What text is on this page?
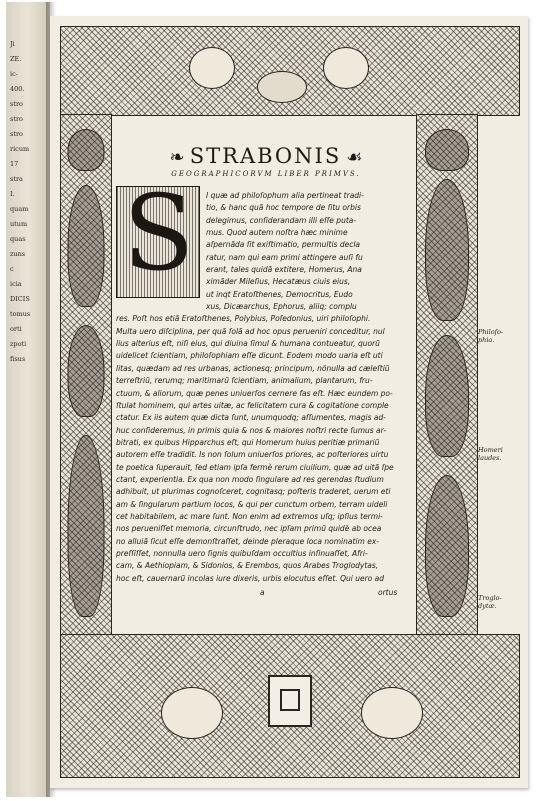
Ji
ZE.
ic-
400.
stro
stro
stro
ricum
17
stra
I.
quam
utum
quas
zuns
c
icia
DICIS
tomus
orti
zpoti
fisus
❧ STRABONIS ☙
GEOGRAPHICORVM LIBER PRIMVS.
I quæ ad philoſophum alia pertineat tradi-
tio, & hanc quã hoc tempore de ſitu orbis
delegimus, conſiderandam illi eſſe puta-
mus. Quod autem noſtra hæc minime
aſpernãda ſit exiſtimatio, permultis decla
ratur, nam qui eam primi attingere auſi fu
erant, tales quidã extitere, Homerus, Ana
ximãder Mileſius, Hecatæus ciuis eius,
ut inqt Eratoſthenes, Democritus, Eudo
xus, Dicæarchus, Ephorus, aliiq; complu
res. Poſt hos etiã Eratoſthenes, Polybius, Poſedonius, uiri philoſophi.
Multa uero diſciplina, per quã ſolã ad hoc opus perueniri conceditur, nul
lius alterius eſt, niſi eius, qui diuina ſimul & humana contueatur, quorũ
uidelicet ſcientiam, philoſophiam eſſe dicunt. Eodem modo uaria eſt uti
litas, quædam ad res urbanas, actionesq; principum, nõnulla ad cæleſtiũ
terreſtriũ, rerumq; maritimarũ ſcientiam, animalium, plantarum, fru-
ctuum, & aliorum, quæ penes uniuerſos cernere fas eſt. Hæc eundem po-
ſtulat hominem, qui artes uitæ, ac felicitatem cura & cogitatione comple
ctatur. Ex iis autem quæ dicta ſunt, unumquodq; aſſumentes, magis ad-
huc conſideremus, in primis quia & nos & maiores noſtri recte ſumus ar-
bitrati, ex quibus Hipparchus eſt, qui Homerum huius peritiæ primariũ
autorem eſſe tradidit. Is non ſolum uniuerſos priores, ac poſteriores uirtu
te poetica ſuperauit, ſed etiam ipſa fermè rerum ciuilium, quæ ad uitã ſpe
ctant, experientia. Ex qua non modo ſingulare ad res gerendas ſtudium
adhibuit, ut plurimas cognoſceret, cognitasq; poſteris traderet, uerum eti
am & ſingularum partium locos, & qui per cunctum orbem, terram uideli
cet habitabilem, ac mare ſunt. Non enim ad extremos uſq; ipſius termi-
nos perueniſſet memoria, circunſtrudo, nec ipſam primũ quidẽ ab ocea
no alluiã ſicut eſſe demonſtraſſet, deinde pleraque loca nominatim ex-
preſſiſſet, nonnulla uero ſignis quibuſdam occultius inſinuaſſet, Afri-
cam, & Aethiopiam, & Sidonios, & Erembos, quos Arabes Troglodytas,
hoc eſt, cauernarũ incolas iure dixeris, urbis elocutus eſſet. Qui uero ad
S
a	ortus
Philoſo- phia.
Homeri laudes.
Troglo- dytæ.
